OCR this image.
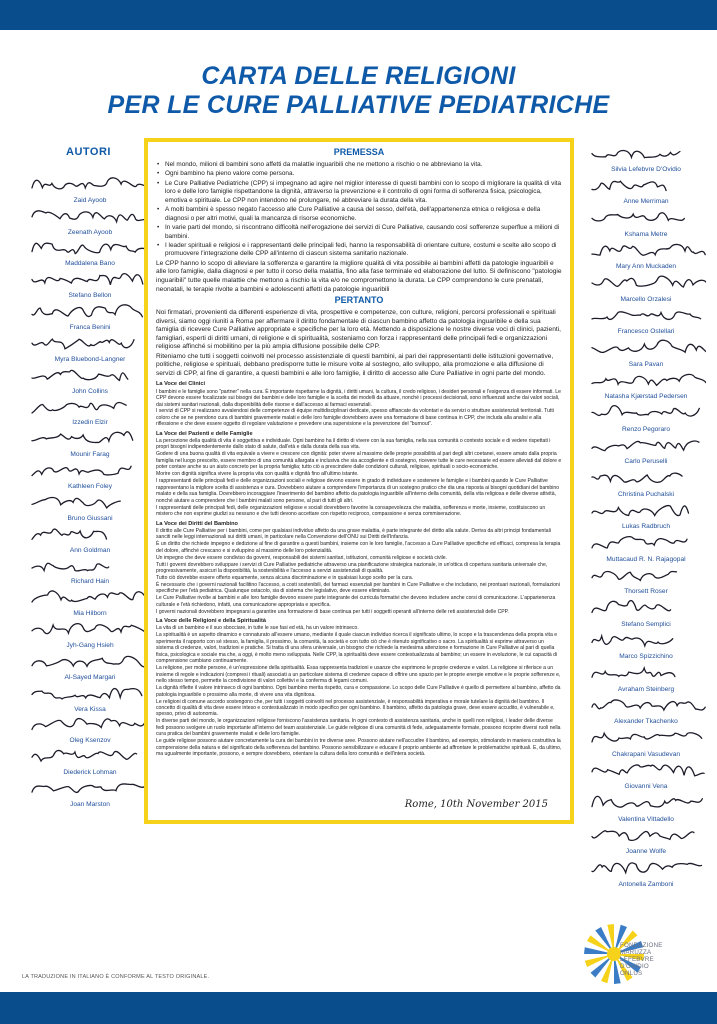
CARTA DELLE RELIGIONI
PER LE CURE PALLIATIVE PEDIATRICHE
AUTORI
Zaid Ayoob
Zeenath Ayoob
Maddalena Bano
Stefano Bellon
Franca Benini
Myra Bluebond-Langner
John Collins
Izzedin Elzir
Mounir Farag
Kathleen Foley
Bruno Giussani
Ann Goldman
Richard Hain
Mia Hilborn
Jyh-Gang Hsieh
Al-Sayed Margari
Vera Kissa
Oleg Ksenzov
Diederick Lohman
Joan Marston
Silvia Lefebvre D'Ovidio
Anne Merriman
Kshama Metre
Mary Ann Muckaden
Marcello Orzalesi
Francesco Ostellari
Sara Pavan
Natasha Kjærstad Pedersen
Renzo Pegoraro
Carlo Peruselli
Christina Puchalski
Lukas Radbruch
Muttacaud R. N. Rajagopal
Thorsett Roser
Stefano Semplici
Marco Spizzichino
Avraham Steinberg
Alexander Tkachenko
Chakrapani Vasudevan
Giovanni Vena
Valentina Vittadello
Joanne Wolfe
Antonella Zamboni
PREMESSA
• Nel mondo, milioni di bambini sono affetti da malattie inguaribili che ne mettono a rischio o ne abbreviano la vita.
• Ogni bambino ha pieno valore come persona.
• Le Cure Palliative Pediatriche (CPP) si impegnano ad agire nel miglior interesse di questi bambini con lo scopo di migliorare la qualità di vita loro e delle loro famiglie rispettandone la dignità, attraverso la prevenzione e il controllo di ogni forma di sofferenza fisica, psicologica, emotiva e spirituale. Le CPP non intendono né prolungare, né abbreviare la durata della vita.
• A molti bambini è spesso negato l'accesso alle Cure Palliative a causa del sesso, dell'età, dell'appartenenza etnica o religiosa e della diagnosi o per altri motivi, quali la mancanza di risorse economiche.
• In varie parti del mondo, si riscontrano difficoltà nell'erogazione dei servizi di Cure Palliative, causando così sofferenze superflue a milioni di bambini.
• I leader spirituali e religiosi e i rappresentanti delle principali fedi, hanno la responsabilità di orientare culture, costumi e scelte allo scopo di promuovere l'integrazione delle CPP all'interno di ciascun sistema sanitario nazionale.

Le CPP hanno lo scopo di alleviare la sofferenza e garantire la migliore qualità di vita possibile ai bambini affetti da patologie inguaribili e alle loro famiglie, dalla diagnosi e per tutto il corso della malattia, fino alla fase terminale ed elaborazione del lutto. Si definiscono "patologie inguaribili" tutte quelle malattie che mettono a rischio la vita e/o ne compromettono la durata. Le CPP comprendono le cure prenatali, neonatali, le terapie rivolte a bambini e adolescenti affetti da patologie inguaribili

PERTANTO

Noi firmatari, provenienti da differenti esperienze di vita, prospettive e competenze, con culture, religioni, percorsi professionali e spirituali diversi, siamo oggi riuniti a Roma per affermare il diritto fondamentale di ciascun bambino affetto da patologia inguaribile e della sua famiglia di ricevere Cure Palliative appropriate e specifiche per la loro età. Mettendo a disposizione le nostre diverse voci di clinici, pazienti, famigliari, esperti di diritti umani, di religione e di spiritualità, sosteniamo con forza i rappresentanti delle principali fedi e organizzazioni religiose affinché si mobilitino per la più ampia diffusione possibile delle CPP.

Riteniamo che tutti i soggetti coinvolti nel processo assistenziale di questi bambini, ai pari dei rappresentanti delle istituzioni governative, politiche, religiose e spirituali, debbano predisporre tutte le misure volte al sostegno, allo sviluppo, alla promozione e alla diffusione di servizi di CPP, al fine di garantire, a questi bambini e alle loro famiglie, il diritto di accesso alle Cure Palliative in ogni parte del mondo.

La Voce dei Clinici

I bambini e le famiglie sono "partner" nella cura. È importante rispettarne la dignità, i diritti umani, la cultura, il credo religioso, i desideri personali e l'esigenza di essere informati. Le CPP devono essere focalizzate sui bisogni dei bambini e delle loro famiglie e la scelta dei modelli da attuare, nonché i processi decisionali, sono influenzati anche dai valori sociali, dai sistemi sanitari nazionali, dalla disponibilità delle risorse e dall'accesso ai farmaci essenziali.

I servizi di CPP si realizzano avvalendosi delle competenze di équipe multidisciplinari dedicate, spesso affiancate da volontari e da servizi o strutture assistenziali territoriali. Tutti coloro che se ne prendono cura di bambini gravemente malati e delle loro famiglie dovrebbero avere una formazione di base continua in CPP, che includa alla analisi e alla riflessione e che deve essere oggetto di regolare valutazione e prevedere una supervisione e la prevenzione del "burnout".

La Voce dei Pazienti e delle Famiglie

La percezione della qualità di vita è soggettiva e individuale. Ogni bambino ha il diritto di vivere con la sua famiglia, nella sua comunità o contesto sociale e di vedere rispettati i propri bisogni indipendentemente dallo stato di salute, dall'età e dalla durata della sua vita.

Godere di una buona qualità di vita equivale a vivere e crescere con dignità: poter vivere al massimo delle proprie possibilità al pari degli altri coetanei, essere amato dalla propria famiglia nel luogo prescelto, essere membro di una comunità allargata e inclusiva che sia accogliente e di sostegno, ricevere tutte le cure necessarie ed essere alleviati dal dolore e poter contare anche su un aiuto concreto per la propria famiglia; tutto ciò a prescindere dalle condizioni culturali, religiose, spirituali o socio-economiche.

Morire con dignità significa vivere la propria vita con qualità e dignità fino all'ultimo istante.

I rappresentanti delle principali fedi e delle organizzazioni sociali e religiose devono essere in grado di individuare e sostenere le famiglie e i bambini quando le Cure Palliative rappresentano la migliore scelta di assistenza e cura. Dovrebbero aiutare a comprendere l'importanza di un sostegno pratico che dia una risposta ai bisogni quotidiani del bambino malato e della sua famiglia. Dovrebbero incoraggiare l'inserimento del bambino affetto da patologia inguaribile all'interno della comunità, della vita religiosa e delle diverse attività, nonché aiutare a comprendere che i bambini malati sono persone, al pari di tutti gli altri.

I rappresentanti delle principali fedi, delle organizzazioni religiose e sociali dovrebbero favorire la consapevolezza che malattia, sofferenza e morte, insieme, costituiscono un mistero che non esprime giudizi su nessuno e che tutti devono accettare con rispetto reciproco, compassione e senza commiserazione.

La Voce dei Diritti del Bambino

Il diritto alle Cure Palliative per i bambini, come per qualsiasi individuo affetto da una grave malattia, è parte integrante del diritto alla salute. Deriva da altri principi fondamentali sanciti nelle leggi internazionali sui diritti umani, in particolare nella Convenzione dell'ONU sui Diritti dell'Infanzia.

È un diritto che richiede impegno e dedizione al fine di garantire a questi bambini, insieme con le loro famiglie, l'accesso a Cure Palliative specifiche ed efficaci, compresa la terapia del dolore, affinché crescano e si sviluppino al massimo delle loro potenzialità.

Un impegno che deve essere condiviso da governi, responsabili dei sistemi sanitari, istituzioni, comunità religiose e società civile.

Tutti i governi dovrebbero sviluppare i servizi di Cure Palliative pediatriche attraverso una pianificazione strategica nazionale, in un'ottica di copertura sanitaria universale che, progressivamente, assicuri la disponibilità, la sostenibilità e l'accesso a servizi assistenziali di qualità.

Tutto ciò dovrebbe essere offerto equamente, senza alcuna discriminazione e in qualsiasi luogo scelto per la cura.

È necessario che i governi nazionali facilitino l'accesso, a costi sostenibili, dei farmaci essenziali per bambini in Cure Palliative e che includano, nei prontuari nazionali, formulazioni specifiche per l'età pediatrica. Qualunque ostacolo, sia di sistema che legislativo, deve essere eliminato.

Le Cure Palliative rivolte ai bambini e alle loro famiglie devono essere parte integrante dei curricula formativi che devono includere anche corsi di comunicazione. L'appartenenza culturale e l'età richiedono, infatti, una comunicazione appropriata e specifica.

I governi nazionali dovrebbero impegnarsi a garantire una formazione di base continua per tutti i soggetti operanti all'interno delle reti assistenziali delle CPP.

La Voce delle Religioni e della Spiritualità

La vita di un bambino e il suo sbocciare, in tutte le sue fasi ed età, ha un valore intrinseco.

La spiritualità è un aspetto dinamico e connaturato all'essere umano, mediante il quale ciascun individuo ricerca il significato ultimo, lo scopo e la trascendenza della propria vita e sperimenta il rapporto con sé stesso, la famiglia, il prossimo, la comunità, la società e con tutto ciò che è ritenuto significativo o sacro. La spiritualità si esprime attraverso un sistema di credenze, valori, tradizioni e pratiche. Si tratta di una sfera universale, un bisogno che richiede la medesima attenzione e formazione in Cure Palliative al pari di quella fisica, psicologica e sociale ma che, a oggi, è molto meno sviluppata. Nelle CPP, la spiritualità deve essere contestualizzata al bambino; un essere in evoluzione, le cui capacità di comprensione cambiano continuamente.

La religione, per molte persone, è un'espressione della spiritualità. Essa rappresenta tradizioni e usanze che esprimono le proprie credenze e valori. La religione si riferisce a un insieme di regole e indicazioni (compresi i rituali) associati a un particolare sistema di credenze capace di offrire uno spazio per le proprie energie emotive e le proprie sofferenze e, nello stesso tempo, permette la condivisione di valori collettivi e la conferma di legami comuni.

La dignità riflette il valore intrinseco di ogni bambino. Ogni bambino merita rispetto, cura e compassione. Lo scopo delle Cure Palliative è quello di permettere al bambino, affetto da patologia inguaribile o prossimo alla morte, di vivere una vita dignitosa.

Le religioni di comune accordo sostengono che, per tutti i soggetti coinvolti nel processo assistenziale, è responsabilità imperativa e morale tutelare la dignità del bambino. Il concetto di qualità di vita deve essere inteso e contestualizzato in modo specifico per ogni bambino. Il bambino, affetto da patologia grave, deve essere accudito, è vulnerabile e, spesso, privo di autonomia.

In diverse parti del mondo, le organizzazioni religiose forniscono l'assistenza sanitaria. In ogni contesto di assistenza sanitaria, anche in quelli non religiosi, i leader delle diverse fedi possono svolgere un ruolo importante all'interno del team assistenziale. Le guide religiose di una comunità di fede, adeguatamente formate, possono ricoprire diversi ruoli nella cura pratica dei bambini gravemente malati e delle loro famiglie.

Le guide religiose possono aiutare concretamente la cura dei bambini in tre diverse aree. Possono aiutare nell'accudire il bambino, ad esempio, stimolando in maniera costruttiva la comprensione della natura e del significato della sofferenza del bambino. Possono sensibilizzare e educare il proprio ambiente ad affrontare le problematiche spirituali. E, da ultimo, ma ugualmente importante, possono, e sempre dovrebbero, orientare la cultura della loro comunità e dell'intera società.

Rome, 10th November 2015
LA TRADUZIONE IN ITALIANO È CONFORME AL TESTO ORIGINALE.
FONDAZIONE
MARUZZA
LEFEBVRE
D'OVIDIO
ONLUS
